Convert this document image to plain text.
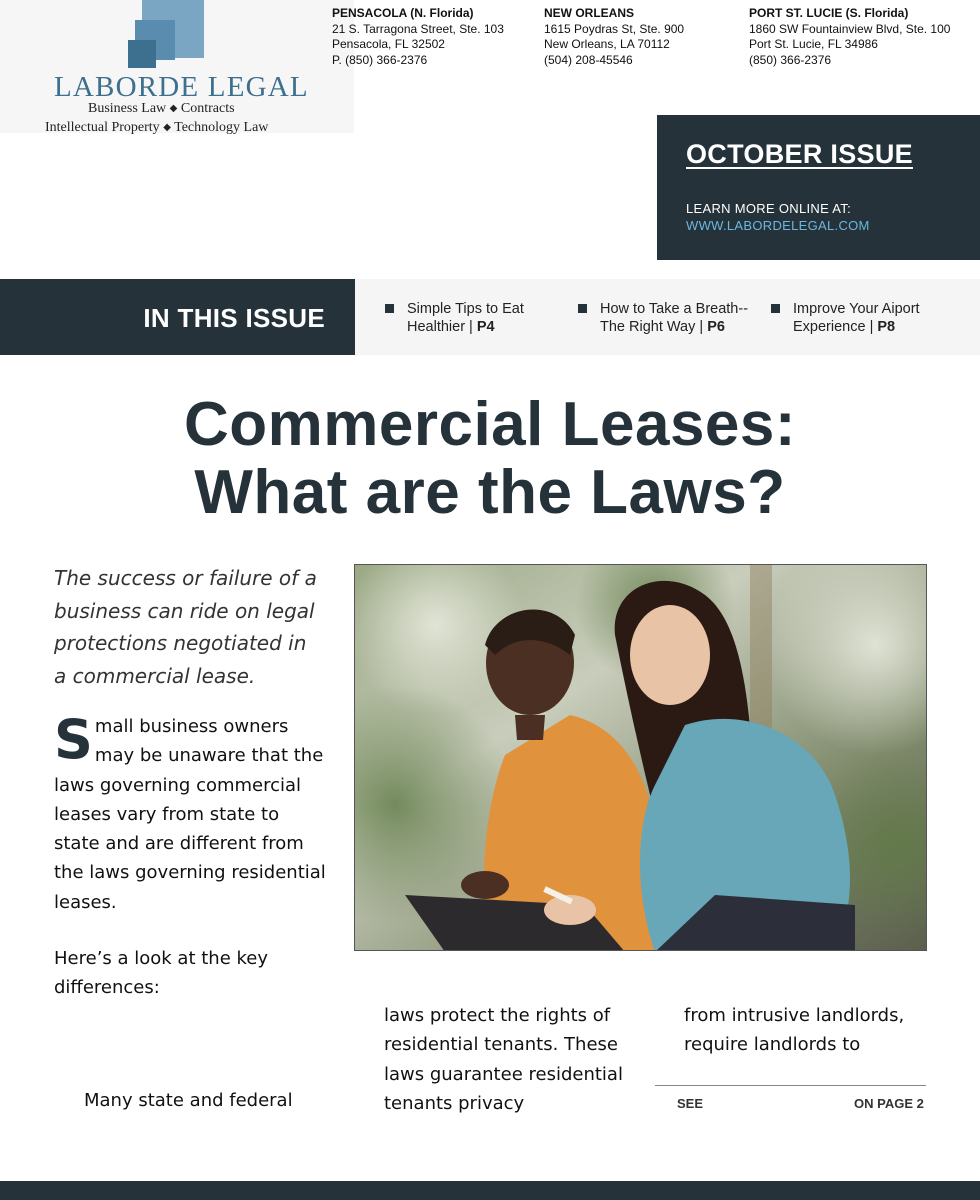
LABORDE LEGAL
Business Law ◆ Contracts
Intellectual Property ◆ Technology Law
PENSACOLA (N. Florida)
21 S. Tarragona Street, Ste. 103
Pensacola, FL 32502
P. (850) 366-2376
NEW ORLEANS
1615 Poydras St, Ste. 900
New Orleans, LA 70112
(504) 208-45546
PORT ST. LUCIE (S. Florida)
1860 SW Fountainview Blvd, Ste. 100
Port St. Lucie, FL 34986
(850) 366-2376
OCTOBER ISSUE
LEARN MORE ONLINE AT:
WWW.LABORDELEGAL.COM
IN THIS ISSUE	Simple Tips to Eat
Healthier | P4
How to Take a Breath--
The Right Way | P6
Improve Your Aiport
Experience | P8
Commercial Leases:
What are the Laws?
The success or failure of a business can ride on legal protections negotiated in a commercial lease.
Small business owners may be unaware that the laws governing commercial leases vary from state to state and are different from the laws governing residential leases.
Here’s a look at the key differences:
Many state and federal
laws protect the rights of residential tenants. These laws guarantee residential tenants privacy
from intrusive landlords, require landlords to
SEE	ON PAGE 2
